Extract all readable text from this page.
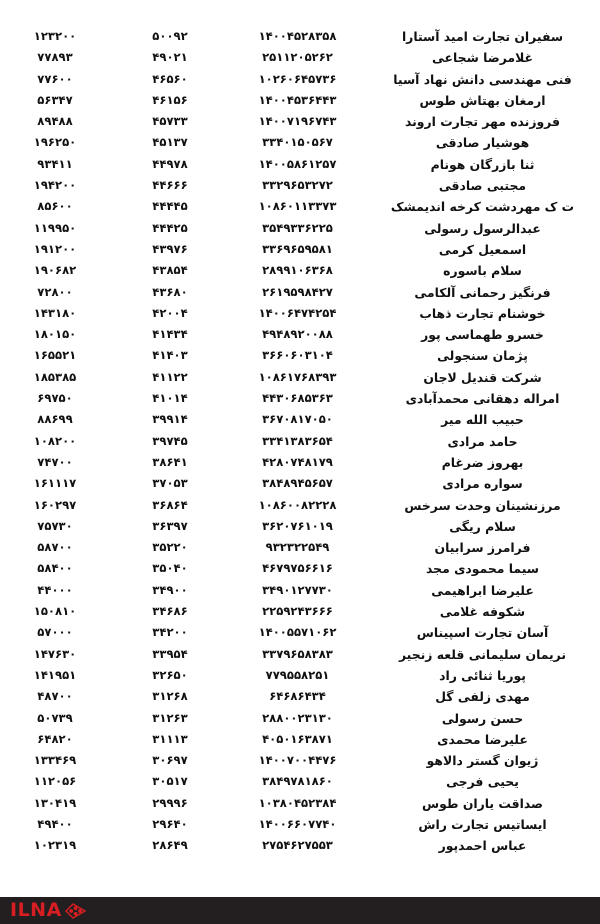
سفیران تجارت امید آستارا	۱۴۰۰۴۵۲۸۳۵۸	۵۰۰۹۲	۱۲۳۲۰۰
غلامرضا شجاعی	۲۵۱۱۲۰۵۲۶۲	۴۹۰۲۱	۷۷۸۹۳
فنی مهندسی دانش نهاد آسیا	۱۰۲۶۰۶۴۵۷۳۶	۴۶۵۶۰	۷۷۶۰۰
ارمغان بهتاش طوس	۱۴۰۰۴۵۳۶۴۴۳	۴۶۱۵۶	۵۶۳۴۷
فروزنده مهر تجارت اروند	۱۴۰۰۷۱۹۶۷۴۳	۴۵۷۳۳	۸۹۴۸۸
هوشیار صادقی	۳۳۴۰۱۵۰۵۶۷	۴۵۱۳۷	۱۹۶۲۵۰
ثنا بازرگان هونام	۱۴۰۰۵۸۶۱۲۵۷	۴۴۹۷۸	۹۳۴۱۱
مجتبی صادقی	۳۳۲۹۶۵۳۲۷۲	۴۴۶۶۶	۱۹۴۲۰۰
ت ک مهردشت کرخه اندیمشک	۱۰۸۶۰۱۱۳۳۷۳	۴۴۴۴۵	۸۵۶۰۰
عبدالرسول رسولی	۳۵۴۹۳۳۶۲۲۵	۴۴۴۲۵	۱۱۹۹۵۰
اسمعیل کرمی	۳۳۶۹۶۵۹۵۸۱	۴۳۹۷۶	۱۹۱۲۰۰
سلام باسوره	۲۸۹۹۱۰۶۳۶۸	۴۳۸۵۴	۱۹۰۶۸۲
فرنگیز رحمانی آلکامی	۲۶۱۹۵۹۸۴۲۷	۴۳۶۸۰	۷۲۸۰۰
خوشنام تجارت ذهاب	۱۴۰۰۶۴۷۴۲۵۴	۴۲۰۰۴	۱۴۳۱۸۰
خسرو طهماسی پور	۴۹۴۸۹۲۰۰۸۸	۴۱۴۳۴	۱۸۰۱۵۰
پژمان سنجولی	۳۶۶۰۶۰۳۱۰۴	۴۱۴۰۳	۱۶۵۵۲۱
شرکت قندیل لاجان	۱۰۸۶۱۷۶۸۳۹۳	۴۱۱۲۲	۱۸۵۳۸۵
امراله دهقانی محمدآبادی	۴۴۳۰۶۸۵۳۶۳	۴۱۰۱۴	۶۹۷۵۰
حبیب الله میر	۳۶۷۰۸۱۷۰۵۰	۳۹۹۱۴	۸۸۶۹۹
حامد مرادی	۳۳۴۱۳۸۳۶۵۴	۳۹۷۴۵	۱۰۸۲۰۰
بهروز ضرغام	۴۲۸۰۷۴۸۱۷۹	۳۸۶۴۱	۷۴۷۰۰
سواره مرادی	۳۸۴۸۹۴۵۶۵۷	۳۷۰۵۳	۱۶۱۱۱۷
مرزنشینان وحدت سرخس	۱۰۸۶۰۰۸۲۲۲۸	۳۶۸۶۴	۱۶۰۲۹۷
سلام ریگی	۳۶۲۰۷۶۱۰۱۹	۳۶۳۹۷	۷۵۷۳۰
فرامرز سرابیان	۹۳۲۳۲۲۵۴۹	۳۵۲۲۰	۵۸۷۰۰
سیما محمودی مجد	۴۶۷۹۷۵۶۶۱۶	۳۵۰۴۰	۵۸۴۰۰
علیرضا ابراهیمی	۳۴۹۰۱۲۷۷۳۰	۳۴۹۰۰	۴۴۰۰۰
شکوفه غلامی	۲۲۵۹۲۴۳۶۶۶	۳۴۶۸۶	۱۵۰۸۱۰
آسان تجارت اسپیناس	۱۴۰۰۵۵۷۱۰۶۲	۳۴۲۰۰	۵۷۰۰۰
نریمان سلیمانی قلعه زنجیر	۳۳۷۹۶۵۸۳۸۳	۳۳۹۵۴	۱۴۷۶۳۰
پوریا ثنائی راد	۷۷۹۵۵۸۲۵۱	۳۲۶۵۰	۱۴۱۹۵۱
مهدی زلفی گل	۶۴۶۸۶۴۳۴	۳۱۲۶۸	۴۸۷۰۰
حسن رسولی	۲۸۸۰۰۲۳۱۳۰	۳۱۲۶۳	۵۰۷۳۹
علیرضا محمدی	۴۰۵۰۱۶۳۸۷۱	۳۱۱۱۳	۶۴۸۲۰
ژیوان گستر دالاهو	۱۴۰۰۷۰۰۴۴۷۶	۳۰۶۹۷	۱۳۳۴۶۹
یحیی فرجی	۳۸۴۹۷۸۱۸۶۰	۳۰۵۱۷	۱۱۲۰۵۶
صداقت یاران طوس	۱۰۳۸۰۴۵۲۳۸۴	۲۹۹۹۶	۱۳۰۴۱۹
ایساتیس تجارت راش	۱۴۰۰۶۶۰۷۷۴۰	۲۹۶۴۰	۴۹۴۰۰
عباس احمدپور	۲۷۵۴۶۲۷۵۵۳	۲۸۶۴۹	۱۰۲۳۱۹
ILNA
